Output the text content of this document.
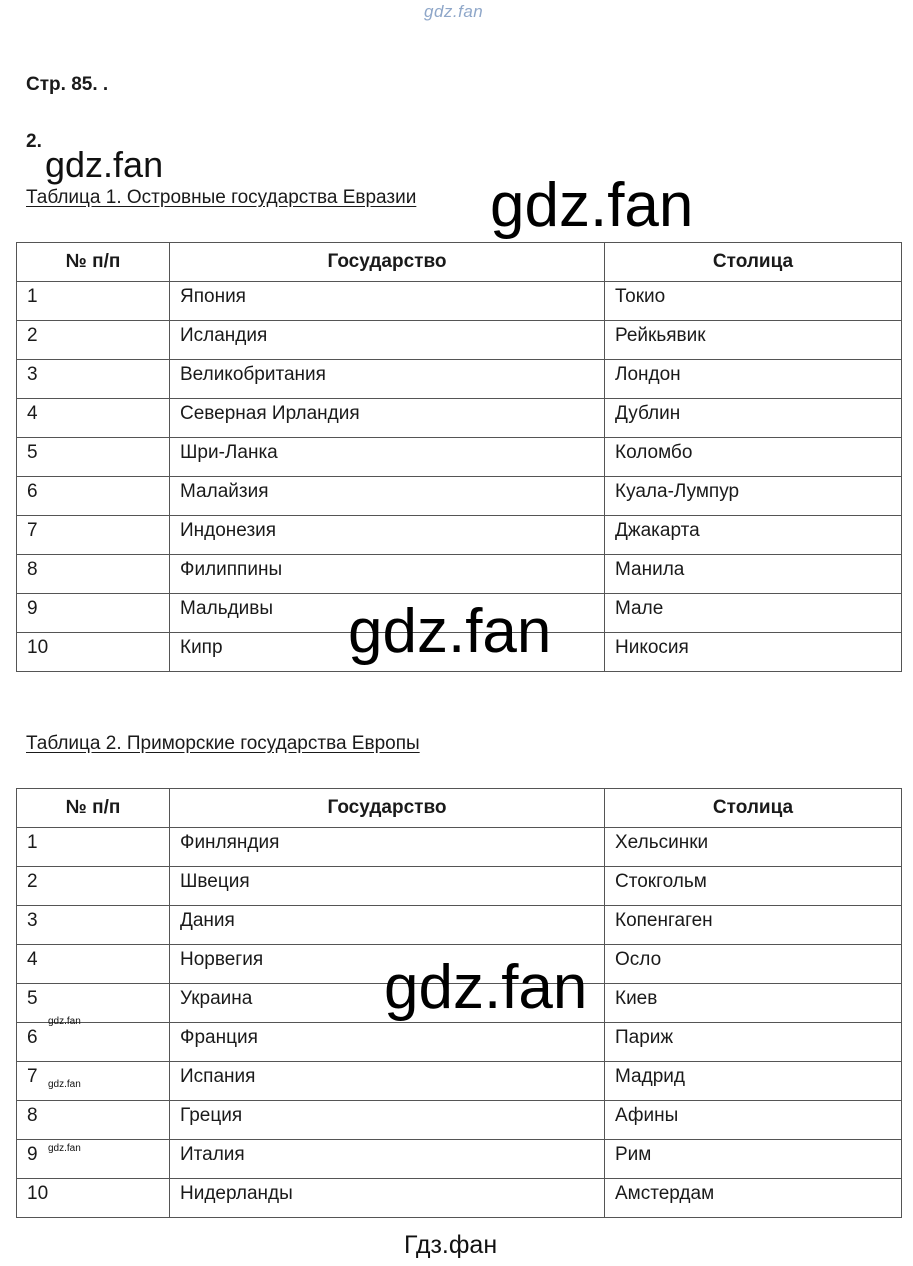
gdz.fan
Стр. 85. .
2.
gdz.fan
Таблица 1. Островные государства Евразии gdz.fan
№ п/п	Государство	Столица
1	Япония	Токио
2	Исландия	Рейкьявик
3	Великобритания	Лондон
4	Северная Ирландия	Дублин
5	Шри-Ланка	Коломбо
6	Малайзия	Куала-Лумпур
7	Индонезия	Джакарта
8	Филиппины	Манила
9	Мальдивы	Мале
10	Кипр	Никосия
gdz.fan
Таблица 2. Приморские государства Европы
№ п/п	Государство	Столица
1	Финляндия	Хельсинки
2	Швеция	Стокгольм
3	Дания	Копенгаген
4	Норвегия	Осло
5	Украина	Киев
6	Франция	Париж
7	Испания	Мадрид
8	Греция	Афины
9	Италия	Рим
10	Нидерланды	Амстердам
gdz.fan
gdz.fan
gdz.fan
gdz.fan
Гдз.фан
